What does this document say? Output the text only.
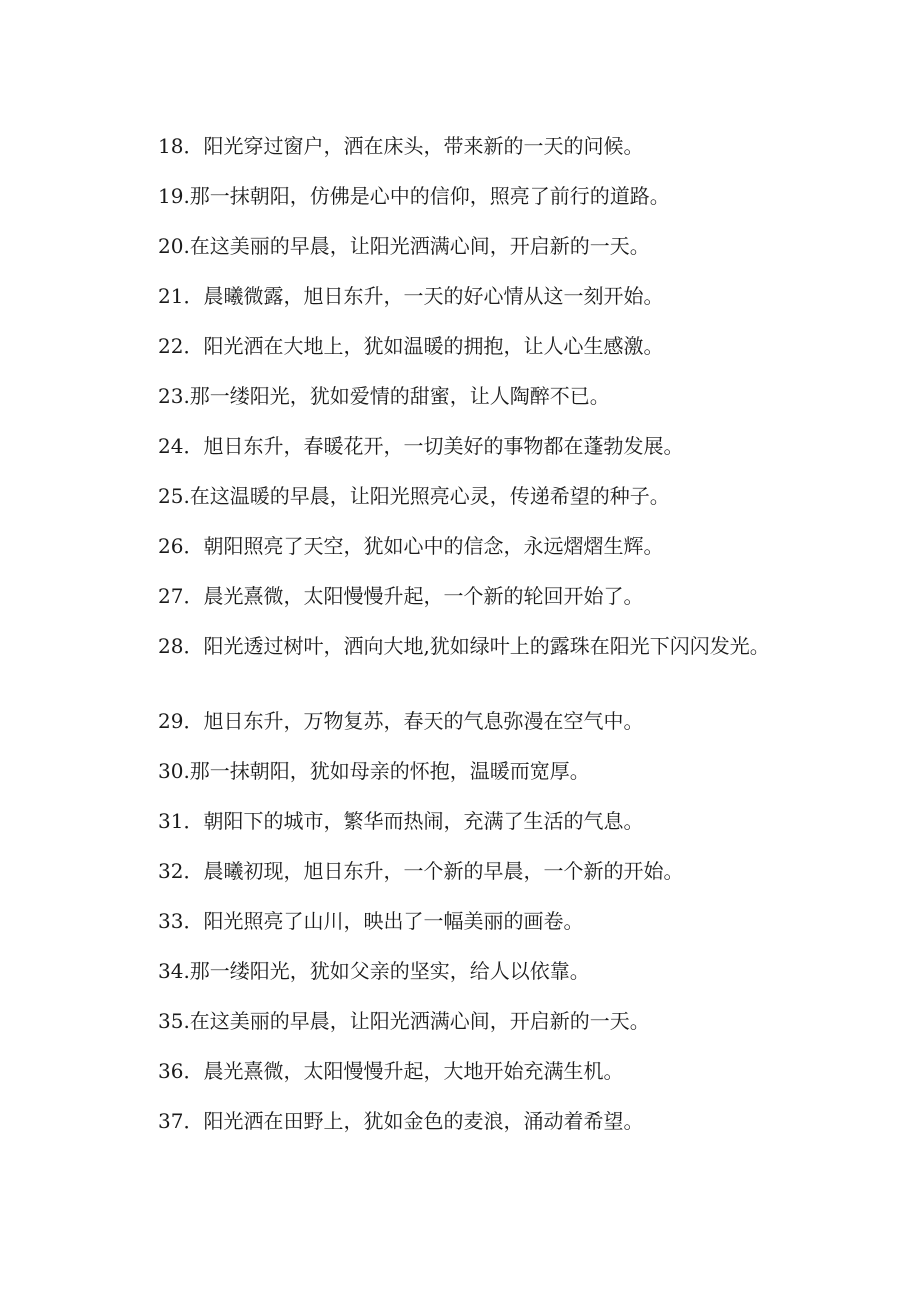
18．阳光穿过窗户，洒在床头，带来新的一天的问候。
19.那一抹朝阳，仿佛是心中的信仰，照亮了前行的道路。
20.在这美丽的早晨，让阳光洒满心间，开启新的一天。
21．晨曦微露，旭日东升，一天的好心情从这一刻开始。
22．阳光洒在大地上，犹如温暖的拥抱，让人心生感激。
23.那一缕阳光，犹如爱情的甜蜜，让人陶醉不已。
24．旭日东升，春暖花开，一切美好的事物都在蓬勃发展。
25.在这温暖的早晨，让阳光照亮心灵，传递希望的种子。
26．朝阳照亮了天空，犹如心中的信念，永远熠熠生辉。
27．晨光熹微，太阳慢慢升起，一个新的轮回开始了。
28．阳光透过树叶，洒向大地,犹如绿叶上的露珠在阳光下闪闪发光。
29．旭日东升，万物复苏，春天的气息弥漫在空气中。
30.那一抹朝阳，犹如母亲的怀抱，温暖而宽厚。
31．朝阳下的城市，繁华而热闹，充满了生活的气息。
32．晨曦初现，旭日东升，一个新的早晨，一个新的开始。
33．阳光照亮了山川，映出了一幅美丽的画卷。
34.那一缕阳光，犹如父亲的坚实，给人以依靠。
35.在这美丽的早晨，让阳光洒满心间，开启新的一天。
36．晨光熹微，太阳慢慢升起，大地开始充满生机。
37．阳光洒在田野上，犹如金色的麦浪，涌动着希望。
